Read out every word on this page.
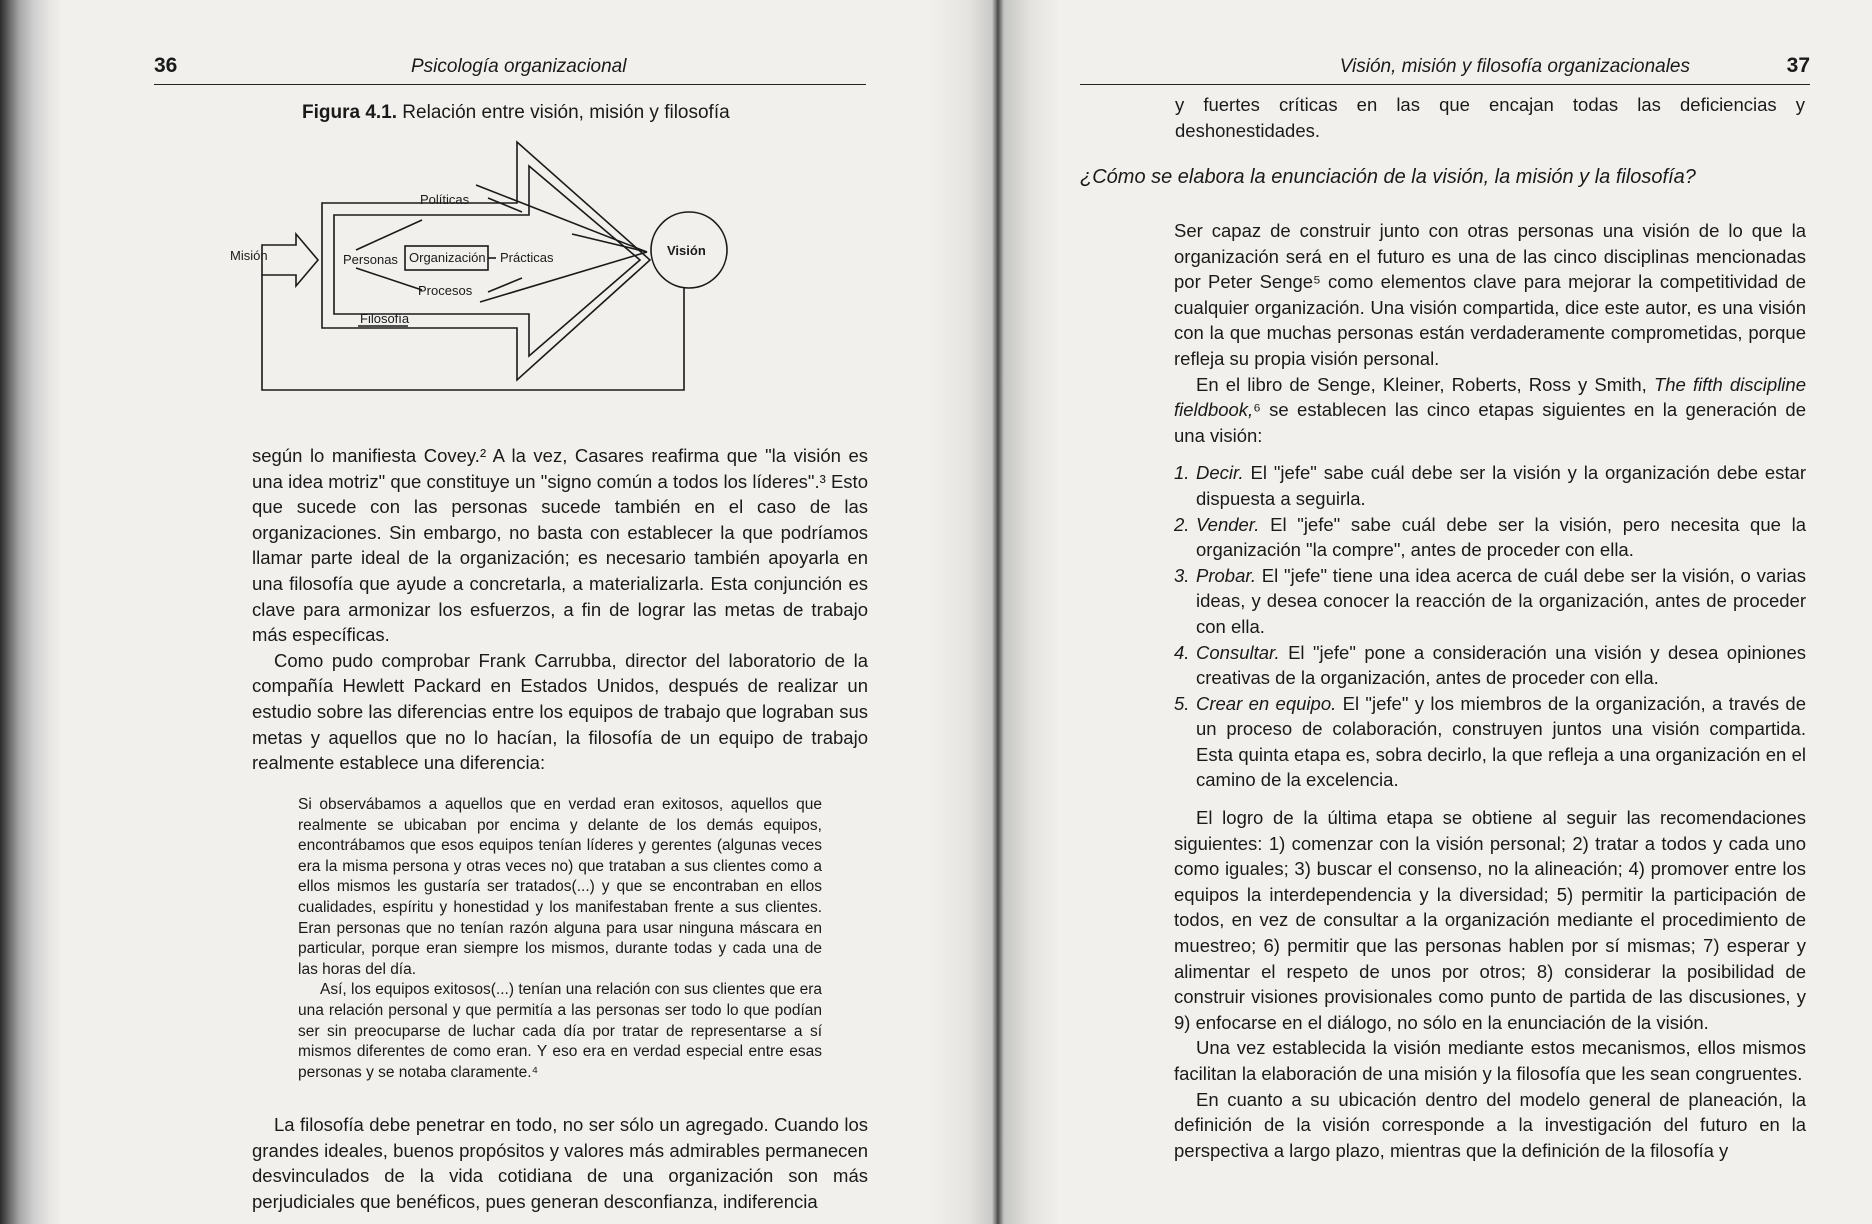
36	Psicología organizacional
Figura 4.1. Relación entre visión, misión y filosofía
Misión
Políticas
Personas Organización Prácticas
Procesos
Filosofía
Visión

según lo manifiesta Covey.² A la vez, Casares reafirma que "la visión es una idea motriz" que constituye un "signo común a todos los líderes".³ Esto que sucede con las personas sucede también en el caso de las organizaciones. Sin embargo, no basta con establecer la que podríamos llamar parte ideal de la organización; es necesario también apoyarla en una filosofía que ayude a concretarla, a materializarla. Esta conjunción es clave para armonizar los esfuerzos, a fin de lograr las metas de trabajo más específicas.

Como pudo comprobar Frank Carrubba, director del laboratorio de la compañía Hewlett Packard en Estados Unidos, después de realizar un estudio sobre las diferencias entre los equipos de trabajo que lograban sus metas y aquellos que no lo hacían, la filosofía de un equipo de trabajo realmente establece una diferencia:

Si observábamos a aquellos que en verdad eran exitosos, aquellos que realmente se ubicaban por encima y delante de los demás equipos, encontrábamos que esos equipos tenían líderes y gerentes (algunas veces era la misma persona y otras veces no) que trataban a sus clientes como a ellos mismos les gustaría ser tratados(...) y que se encontraban en ellos cualidades, espíritu y honestidad y los manifestaban frente a sus clientes. Eran personas que no tenían razón alguna para usar ninguna máscara en particular, porque eran siempre los mismos, durante todas y cada una de las horas del día.

Así, los equipos exitosos(...) tenían una relación con sus clientes que era una relación personal y que permitía a las personas ser todo lo que podían ser sin preocuparse de luchar cada día por tratar de representarse a sí mismos diferentes de como eran. Y eso era en verdad especial entre esas personas y se notaba claramente.⁴

La filosofía debe penetrar en todo, no ser sólo un agregado. Cuando los grandes ideales, buenos propósitos y valores más admirables permanecen desvinculados de la vida cotidiana de una organización son más perjudiciales que benéficos, pues generan desconfianza, indiferencia

Visión, misión y filosofía organizacionales	37

y fuertes críticas en las que encajan todas las deficiencias y deshonestidades.

¿Cómo se elabora la enunciación de la visión, la misión y la filosofía?

Ser capaz de construir junto con otras personas una visión de lo que la organización será en el futuro es una de las cinco disciplinas mencionadas por Peter Senge⁵ como elementos clave para mejorar la competitividad de cualquier organización. Una visión compartida, dice este autor, es una visión con la que muchas personas están verdaderamente comprometidas, porque refleja su propia visión personal.

En el libro de Senge, Kleiner, Roberts, Ross y Smith, The fifth discipline fieldbook,⁶ se establecen las cinco etapas siguientes en la generación de una visión:

1. Decir. El "jefe" sabe cuál debe ser la visión y la organización debe estar dispuesta a seguirla.
2. Vender. El "jefe" sabe cuál debe ser la visión, pero necesita que la organización "la compre", antes de proceder con ella.
3. Probar. El "jefe" tiene una idea acerca de cuál debe ser la visión, o varias ideas, y desea conocer la reacción de la organización, antes de proceder con ella.
4. Consultar. El "jefe" pone a consideración una visión y desea opiniones creativas de la organización, antes de proceder con ella.
5. Crear en equipo. El "jefe" y los miembros de la organización, a través de un proceso de colaboración, construyen juntos una visión compartida. Esta quinta etapa es, sobra decirlo, la que refleja a una organización en el camino de la excelencia.

El logro de la última etapa se obtiene al seguir las recomendaciones siguientes: 1) comenzar con la visión personal; 2) tratar a todos y cada uno como iguales; 3) buscar el consenso, no la alineación; 4) promover entre los equipos la interdependencia y la diversidad; 5) permitir la participación de todos, en vez de consultar a la organización mediante el procedimiento de muestreo; 6) permitir que las personas hablen por sí mismas; 7) esperar y alimentar el respeto de unos por otros; 8) considerar la posibilidad de construir visiones provisionales como punto de partida de las discusiones, y 9) enfocarse en el diálogo, no sólo en la enunciación de la visión.

Una vez establecida la visión mediante estos mecanismos, ellos mismos facilitan la elaboración de una misión y la filosofía que les sean congruentes.

En cuanto a su ubicación dentro del modelo general de planeación, la definición de la visión corresponde a la investigación del futuro en la perspectiva a largo plazo, mientras que la definición de la filosofía y
